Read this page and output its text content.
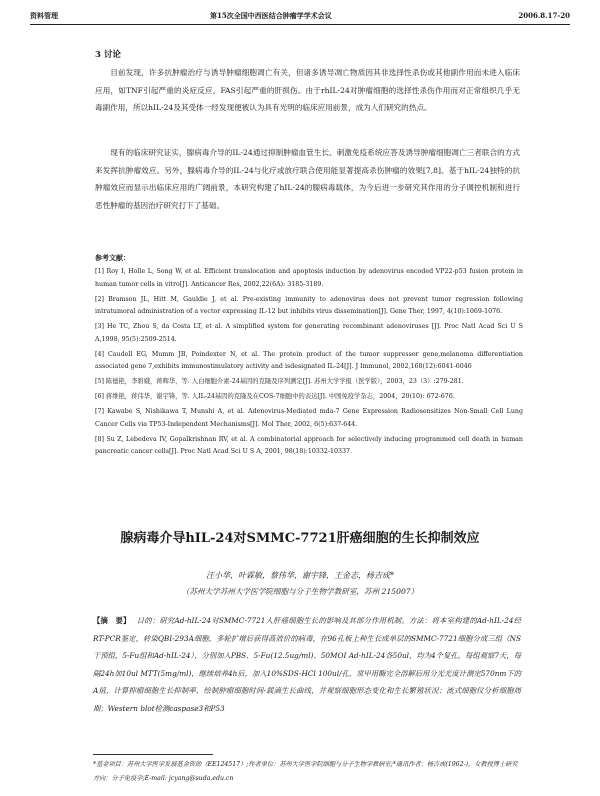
资料管理	第15次全国中西医结合肿瘤学学术会议	2006.8.17-20
3 讨论

目前发现，许多抗肿瘤治疗与诱导肿瘤细胞凋亡有关，但诸多诱导凋亡物质因其非选择性杀伤或其他副作用而未进入临床应用，如TNF引起严重的炎症反应，FAS引起严重的肝损伤。由于rhIL-24对肿瘤细胞的选择性杀伤作用而对正常组织几乎无毒副作用，所以hIL-24及其受体一经发现便被认为具有光明的临床应用前景，成为人们研究的热点。

现有的临床研究证实，腺病毒介导的IL-24通过抑制肿瘤血管生长、刺激免疫系统应答及诱导肿瘤细胞凋亡三者联合的方式来发挥抗肿瘤效应。另外，腺病毒介导的IL-24与化疗或放疗联合使用能显著提高杀伤肿瘤的效果[7,8]。基于hIL-24独特的抗肿瘤效应而显示出临床应用的广阔前景，本研究构建了hIL-24的腺病毒载体，为今后进一步研究其作用的分子调控机制和进行恶性肿瘤的基因治疗研究打下了基础。

参考文献：
[1] Roy I, Holle L, Song W, et al. Efficient translocation and apoptosis induction by adenovirus encoded VP22-p53 fusion protein in human tumor cells in vitro[J]. Anticancer Res, 2002,22(6A): 3185-3189.
[2] Bramson JL, Hitt M, Gauldie J, et al. Pre-existing immunity to adenovirus does not prevent tumor regression following intratumoral administration of a vector expressing IL-12 but inhibits virus dissemination[J]. Gene Ther, 1997, 4(10):1069-1076.
[3] He TC, Zhou S, da Costa LT, et al. A simplified system for generating recombinant adenoviruses [J]. Proc Natl Acad Sci U S A,1998, 95(5):2509-2514.
[4] Caudell EG, Mumm JB, Poindexter N, et al. The protein product of the tumor suppressor gene,melanoma differentiation associated gene 7,exhibits immunostimulatory activity and isdesignated IL-24[J]. J Immunol, 2002,168(12):6041-6046
[5] 陈德艳，李碧娥，蒋辉华，等. 人白细胞介素-24基因的克隆及序列测定[J]. 苏州大学学报（医学版），2003，23（3）:279-281.
[6] 蒋维艳，蒋伟华，谢宇锋，等. 人IL-24基因的克隆及在COS-7细胞中的表达[J]. 中国免疫学杂志，2004，20(10): 672-676.
[7] Kawabe S, Nishikawa T, Munshi A, et al. Adenovirus-Mediated mda-7 Gene Expression Radiosensitizes Non-Small Cell Lung Cancer Cells via TP53-Independent Mechanisms[J]. Mol Ther, 2002, 6(5):637-644.
[8] Su Z, Lebedeva IV, Gopalkrishnan RV, et al. A combinatorial approach for selectively inducing programmed cell death in human pancreatic cancer cells[J]. Proc Natl Acad Sci U S A, 2001, 98(18):10332-10337.
腺病毒介导hIL-24对SMMC-7721肝癌细胞的生长抑制效应
汪小华，叶霖敏，蔡伟华，谢宇锋，王金志，杨吉成*
（苏州大学苏州大学医学院细胞与分子生物学教研室，苏州 215007）

【摘　要】 目的：研究Ad-hIL-24对SMMC-7721人肝癌细胞生长的影响及其部分作用机制。方法：将本室构建的Ad-hIL-24经RT-PCR鉴定，转染QBI-293A细胞，多轮扩增后获得高效价的病毒，在96孔板上种生长成单层的SMMC-7721细胞分成三组（NS干预组，5-Fu组和Ad-hIL-24），分别加入PBS、5-Fu(12.5ug/ml)、50MOI Ad-hIL-24各50ul，均为4个复孔，每组观察7天，每隔24h加10ul MTT(5mg/ml)，继续培养4h后，加入10%SDS-HCl 100ul/孔，常甲用酶完全溶解后用分光光度计测定570nm下的A值，计算抑瘤细胞生长抑制率，绘制肿瘤细胞时间-载滴生长曲线，并观察细胞形态变化和生长繁殖状况；流式细胞仪分析细胞周期；Western blot检测caspase3和P53

*基金项目：苏州大学医学发展基金资助（EE124517）;作者单位：苏州大学医学院细胞与分子生物学教研室;*通讯作者：杨吉成(1962-)，女教授博士研究方向：分子免疫学;E-mail: jcyang@suda.edu.cn
